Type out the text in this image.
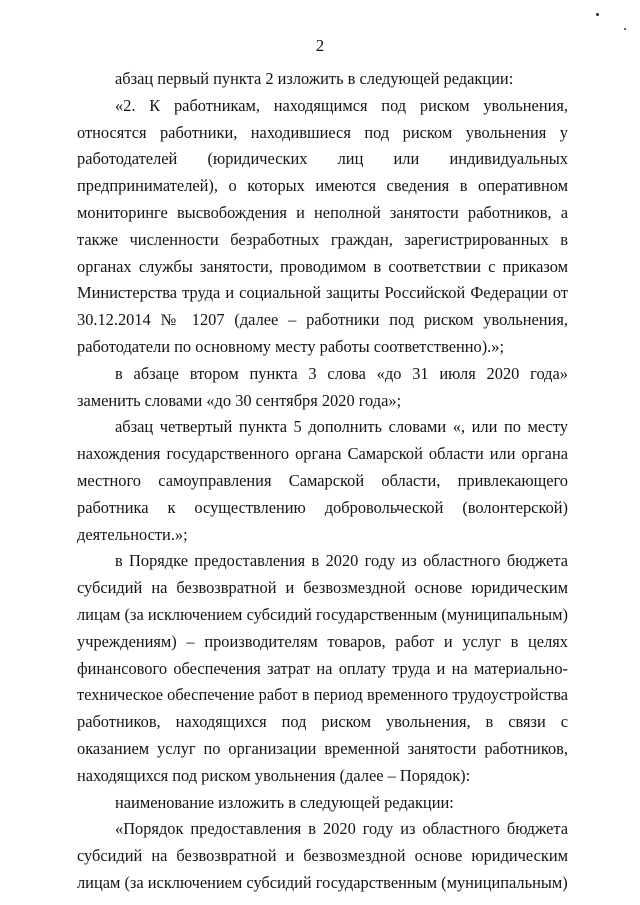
2

абзац первый пункта 2 изложить в следующей редакции:

«2. К работникам, находящимся под риском увольнения, относятся работники, находившиеся под риском увольнения у работодателей (юридических лиц или индивидуальных предпринимателей), о которых имеются сведения в оперативном мониторинге высвобождения и неполной занятости работников, а также численности безработных граждан, зарегистрированных в органах службы занятости, проводимом в соответствии с приказом Министерства труда и социальной защиты Российской Федерации от 30.12.2014 № 1207 (далее – работники под риском увольнения, работодатели по основному месту работы соответственно).»;

в абзаце втором пункта 3 слова «до 31 июля 2020 года» заменить словами «до 30 сентября 2020 года»;

абзац четвертый пункта 5 дополнить словами «, или по месту нахождения государственного органа Самарской области или органа местного самоуправления Самарской области, привлекающего работника к осуществлению добровольческой (волонтерской) деятельности.»;

в Порядке предоставления в 2020 году из областного бюджета субсидий на безвозвратной и безвозмездной основе юридическим лицам (за исключением субсидий государственным (муниципальным) учреждениям) – производителям товаров, работ и услуг в целях финансового обеспечения затрат на оплату труда и на материально-техническое обеспечение работ в период временного трудоустройства работников, находящихся под риском увольнения, в связи с оказанием услуг по организации временной занятости работников, находящихся под риском увольнения (далее – Порядок):

наименование изложить в следующей редакции:

«Порядок предоставления в 2020 году из областного бюджета субсидий на безвозвратной и безвозмездной основе юридическим лицам (за исключением субсидий государственным (муниципальным)
